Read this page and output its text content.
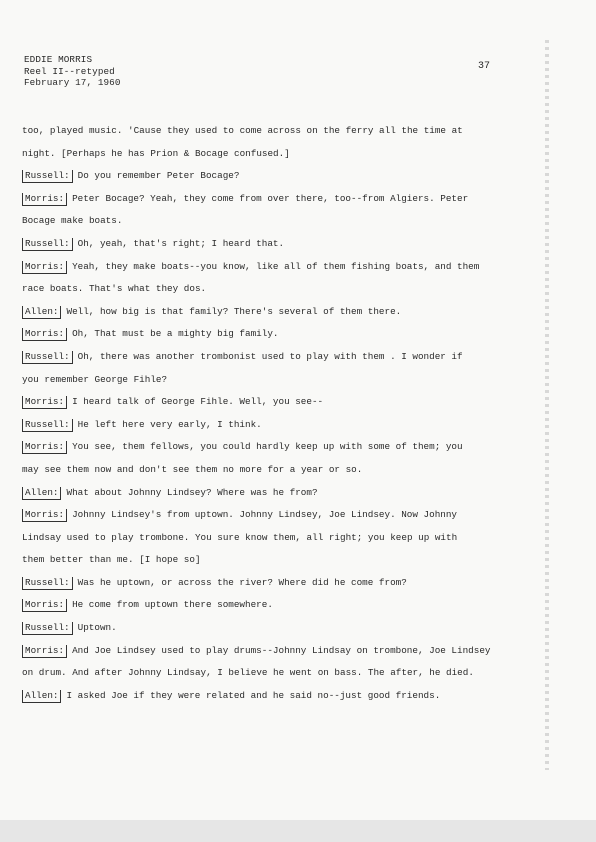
EDDIE MORRIS
Reel II--retyped
February 17, 1960
37
too, played music. 'Cause they used to come across on the ferry all the time at
night. [Perhaps he has Prion & Bocage confused.]
Russell: Do you remember Peter Bocage?
Morris: Peter Bocage? Yeah, they come from over there, too--from Algiers. Peter
Bocage make boats.
Russell: Oh, yeah, that's right; I heard that.
Morris: Yeah, they make boats--you know, like all of them fishing boats, and them
race boats. That's what they dos.
Allen: Well, how big is that family? There's several of them there.
Morris: Oh, That must be a mighty big family.
Russell: Oh, there was another trombonist used to play with them . I wonder if
you remember George Fihle?
Morris: I heard talk of George Fihle. Well, you see--
Russell: He left here very early, I think.
Morris: You see, them fellows, you could hardly keep up with some of them; you
may see them now and don't see them no more for a year or so.
Allen: What about Johnny Lindsey? Where was he from?
Morris: Johnny Lindsey's from uptown. Johnny Lindsey, Joe Lindsey. Now Johnny
Lindsay used to play trombone. You sure know them, all right; you keep up with
them better than me. [I hope so]
Russell: Was he uptown, or across the river? Where did he come from?
Morris: He come from uptown there somewhere.
Russell: Uptown.
Morris: And Joe Lindsey used to play drums--Johnny Lindsay on trombone, Joe Lindsey
on drum. And after Johnny Lindsay, I believe he went on bass. The after, he died.
Allen: I asked Joe if they were related and he said no--just good friends.
